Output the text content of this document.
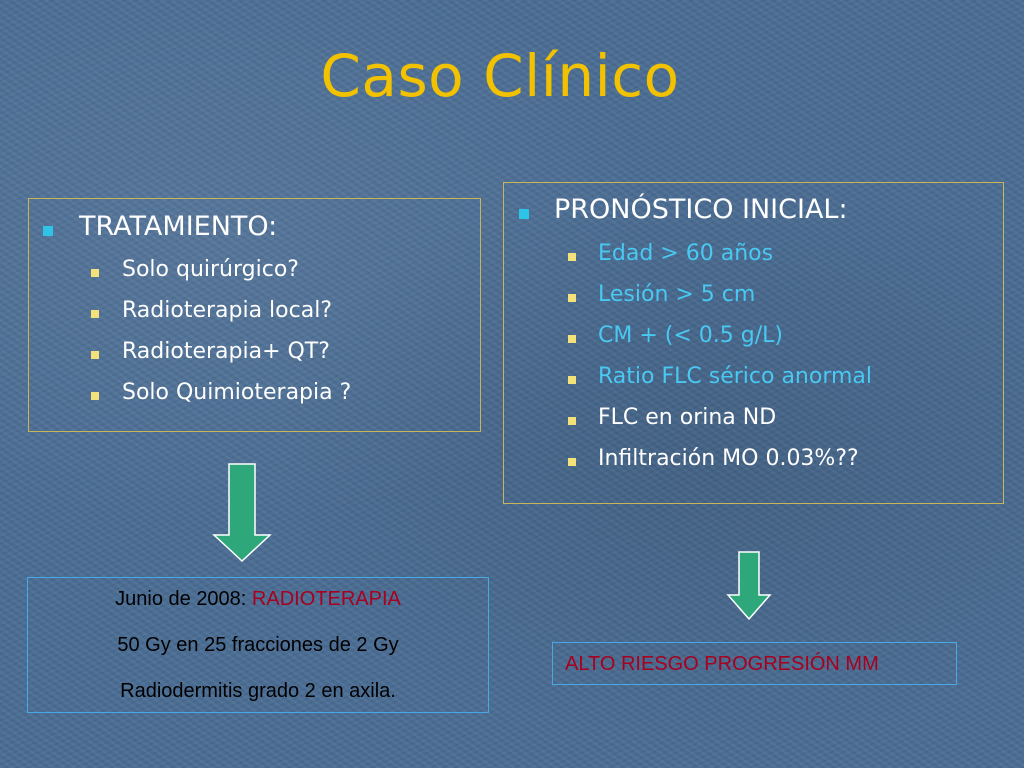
Caso Clínico
TRATAMIENTO:
Solo quirúrgico?
Radioterapia local?
Radioterapia+ QT?
Solo Quimioterapia ?
PRONÓSTICO INICIAL:
Edad > 60 años
Lesión > 5 cm
CM + (< 0.5 g/L)
Ratio FLC sérico anormal
FLC en orina ND
Infiltración MO 0.03%??
Junio de 2008: RADIOTERAPIA
50 Gy en 25 fracciones de 2 Gy
Radiodermitis grado 2 en axila.
ALTO RIESGO PROGRESIÓN MM
